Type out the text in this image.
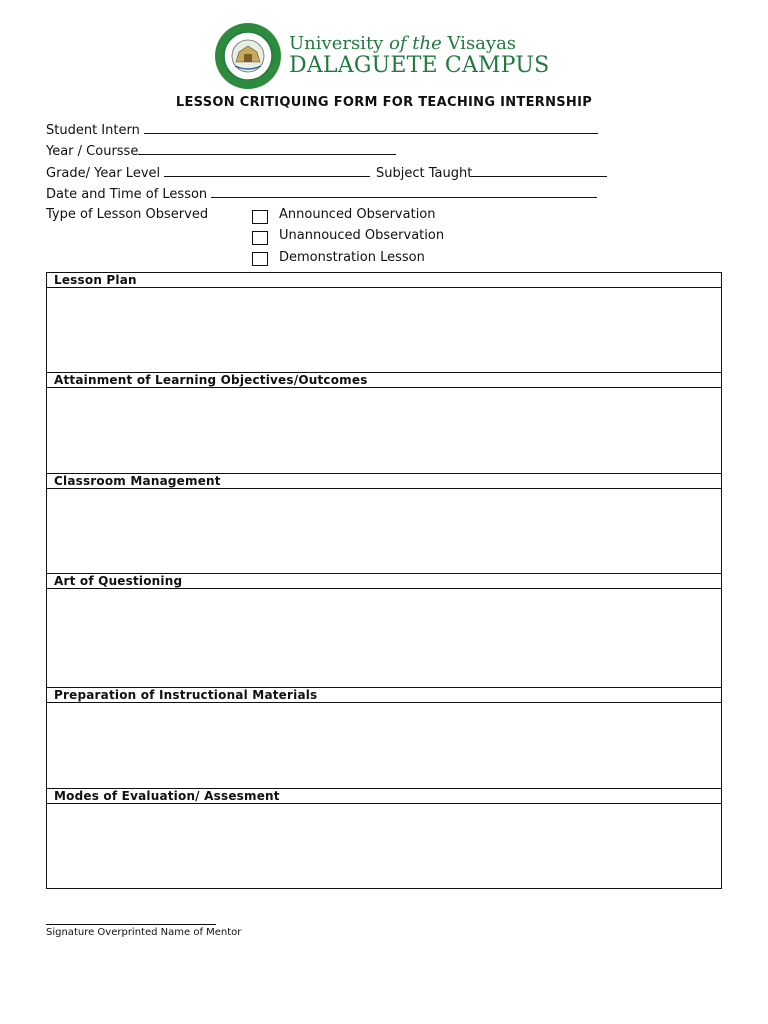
University of the Visayas
DALAGUETE CAMPUS
LESSON CRITIQUING FORM FOR TEACHING INTERNSHIP
Student Intern
Year / Coursse
Grade/ Year Level	Subject Taught
Date and Time of Lesson
Type of Lesson Observed	Announced Observation
Unannouced Observation
Demonstration Lesson
Lesson Plan
Attainment of Learning Objectives/Outcomes
Classroom Management
Art of Questioning
Preparation of Instructional Materials
Modes of Evaluation/ Assesment
Signature Overprinted Name of Mentor
